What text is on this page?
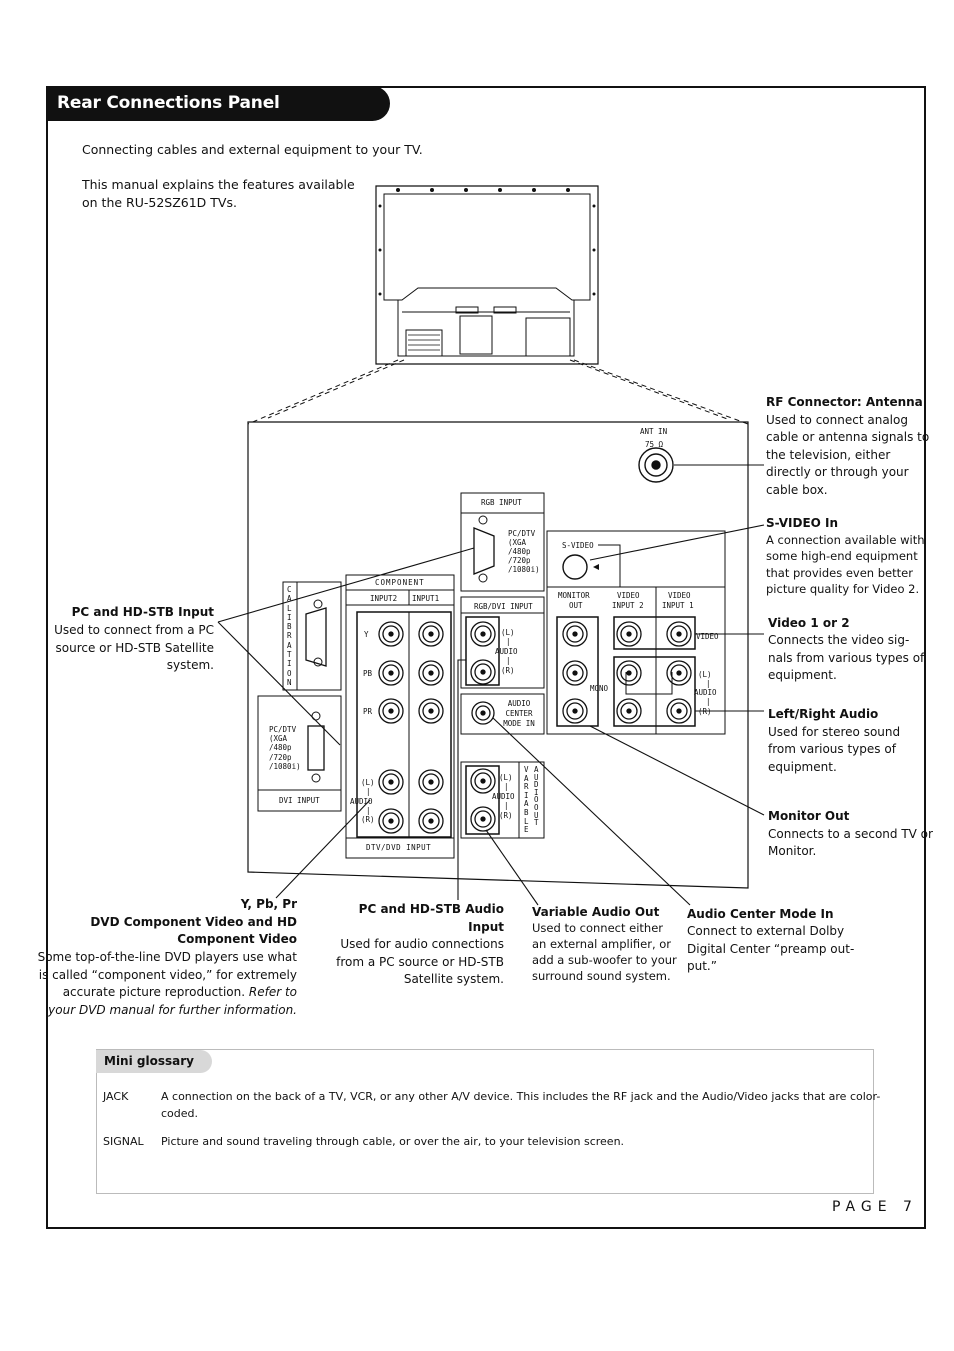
Rear Connections Panel
Connecting cables and external equipment to your TV.
This manual explains the features available
on the RU-52SZ61D TVs.
ANT IN
75 Ω
RGB INPUT
PC/DTV
(XGA
/480p
/720p
/1080i)
S-VIDEO
MONITOR
OUT
VIDEO
INPUT 2
VIDEO
INPUT 1
VIDEO
MONO
(L)
|
AUDIO
|
(R)
COMPONENT
INPUT2 INPUT1
Y
PB
PR
(L)
|
AUDIO
|
(R)
DTV/DVD INPUT
RGB/DVI INPUT
(L)
|
AUDIO
|
(R)
AUDIO
CENTER
MODE IN
(L)
|
AUDIO
|
(R)
VARIABLE
AUDIO OUT
CALIBRATION
PC/DTV
(XGA
/480p
/720p
/1080i)
DVI INPUT
RF Connector: Antenna
Used to connect analog
cable or antenna signals to
the television, either
directly or through your
cable box.
S-VIDEO In
A connection available with
some high-end equipment
that provides even better
picture quality for Video 2.
Video 1 or 2
Connects the video sig-
nals from various types of
equipment.
Left/Right Audio
Used for stereo sound
from various types of
equipment.
Monitor Out
Connects to a second TV or
Monitor.
PC and HD-STB Input
Used to connect from a PC
source or HD-STB Satellite
system.
Y, Pb, Pr
DVD Component Video and HD
Component Video
Some top-of-the-line DVD players use what
is called “component video,” for extremely
accurate picture reproduction. Refer to
your DVD manual for further information.
PC and HD-STB Audio
Input
Used for audio connections
from a PC source or HD-STB
Satellite system.
Variable Audio Out
Used to connect either
an external amplifier, or
add a sub-woofer to your
surround sound system.
Audio Center Mode In
Connect to external Dolby
Digital Center “preamp out-
put.”
Mini glossary
JACK	A connection on the back of a TV, VCR, or any other A/V device. This includes the RF jack and the Audio/Video jacks that are color-
coded.
SIGNAL Picture and sound traveling through cable, or over the air, to your television screen.
PAGE 7
